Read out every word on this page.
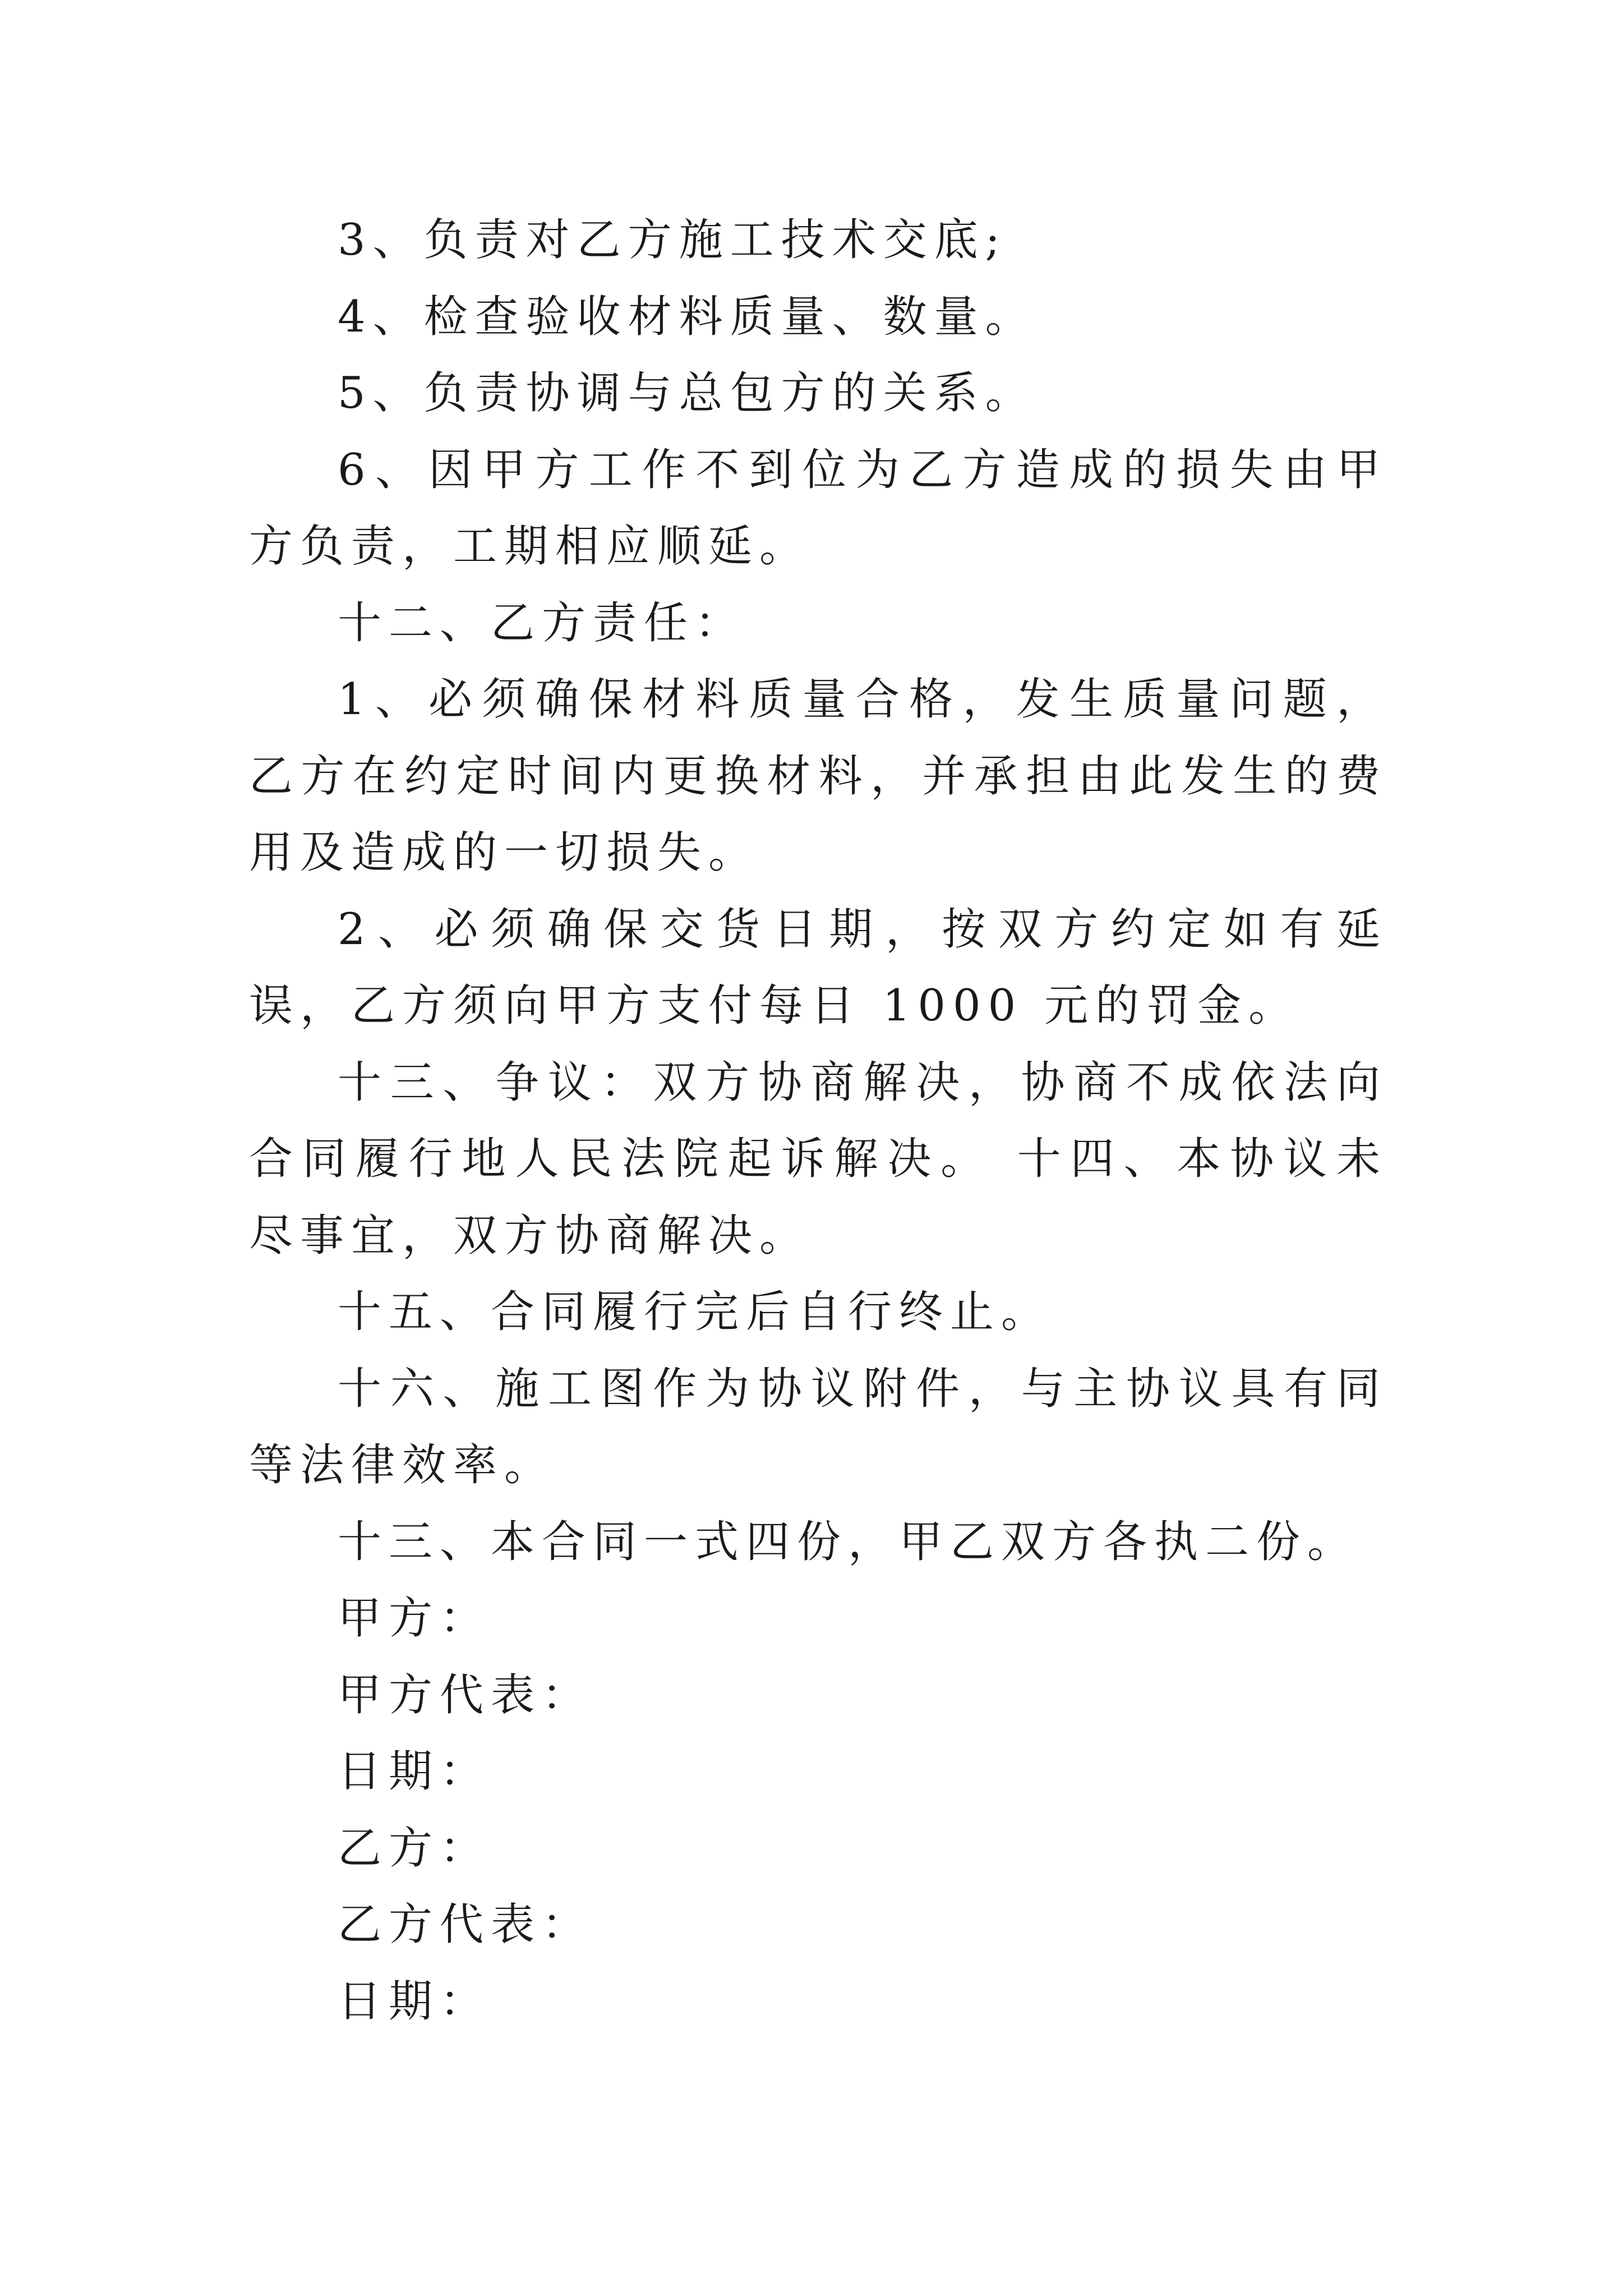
3、负责对乙方施工技术交底;

4、检查验收材料质量、数量。

5、负责协调与总包方的关系。

6、因甲方工作不到位为乙方造成的损失由甲方负责，工期相应顺延。

十二、乙方责任：

1、必须确保材料质量合格，发生质量问题，乙方在约定时间内更换材料，并承担由此发生的费用及造成的一切损失。

2、必须确保交货日期，按双方约定如有延误，乙方须向甲方支付每日 1000 元的罚金。

十三、争议：双方协商解决，协商不成依法向合同履行地人民法院起诉解决。 十四、本协议未尽事宜，双方协商解决。

十五、合同履行完后自行终止。

十六、施工图作为协议附件，与主协议具有同等法律效率。

十三、本合同一式四份，甲乙双方各执二份。

甲方：

甲方代表：

日期：

乙方：

乙方代表：

日期：
